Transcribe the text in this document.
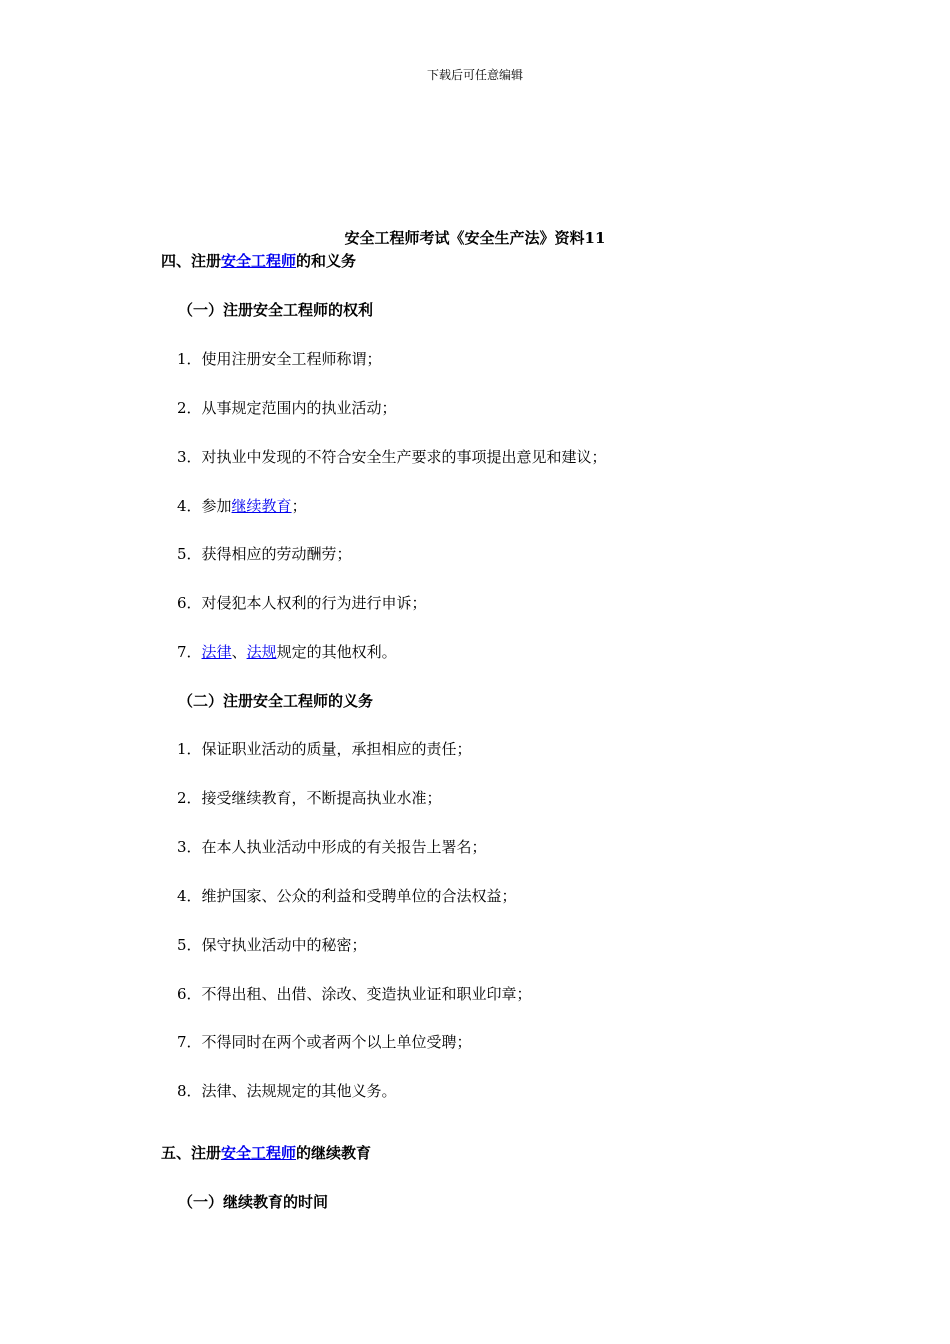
下载后可任意编辑
安全工程师考试《安全生产法》资料11
四、注册安全工程师的和义务
（一）注册安全工程师的权利
1．使用注册安全工程师称谓；
2．从事规定范围内的执业活动；
3．对执业中发现的不符合安全生产要求的事项提出意见和建议；
4．参加继续教育；
5．获得相应的劳动酬劳；
6．对侵犯本人权利的行为进行申诉；
7．法律、法规规定的其他权利。
（二）注册安全工程师的义务
1．保证职业活动的质量，承担相应的责任；
2．接受继续教育，不断提高执业水准；
3．在本人执业活动中形成的有关报告上署名；
4．维护国家、公众的利益和受聘单位的合法权益；
5．保守执业活动中的秘密；
6．不得出租、出借、涂改、变造执业证和职业印章；
7．不得同时在两个或者两个以上单位受聘；
8．法律、法规规定的其他义务。
五、注册安全工程师的继续教育
（一）继续教育的时间
